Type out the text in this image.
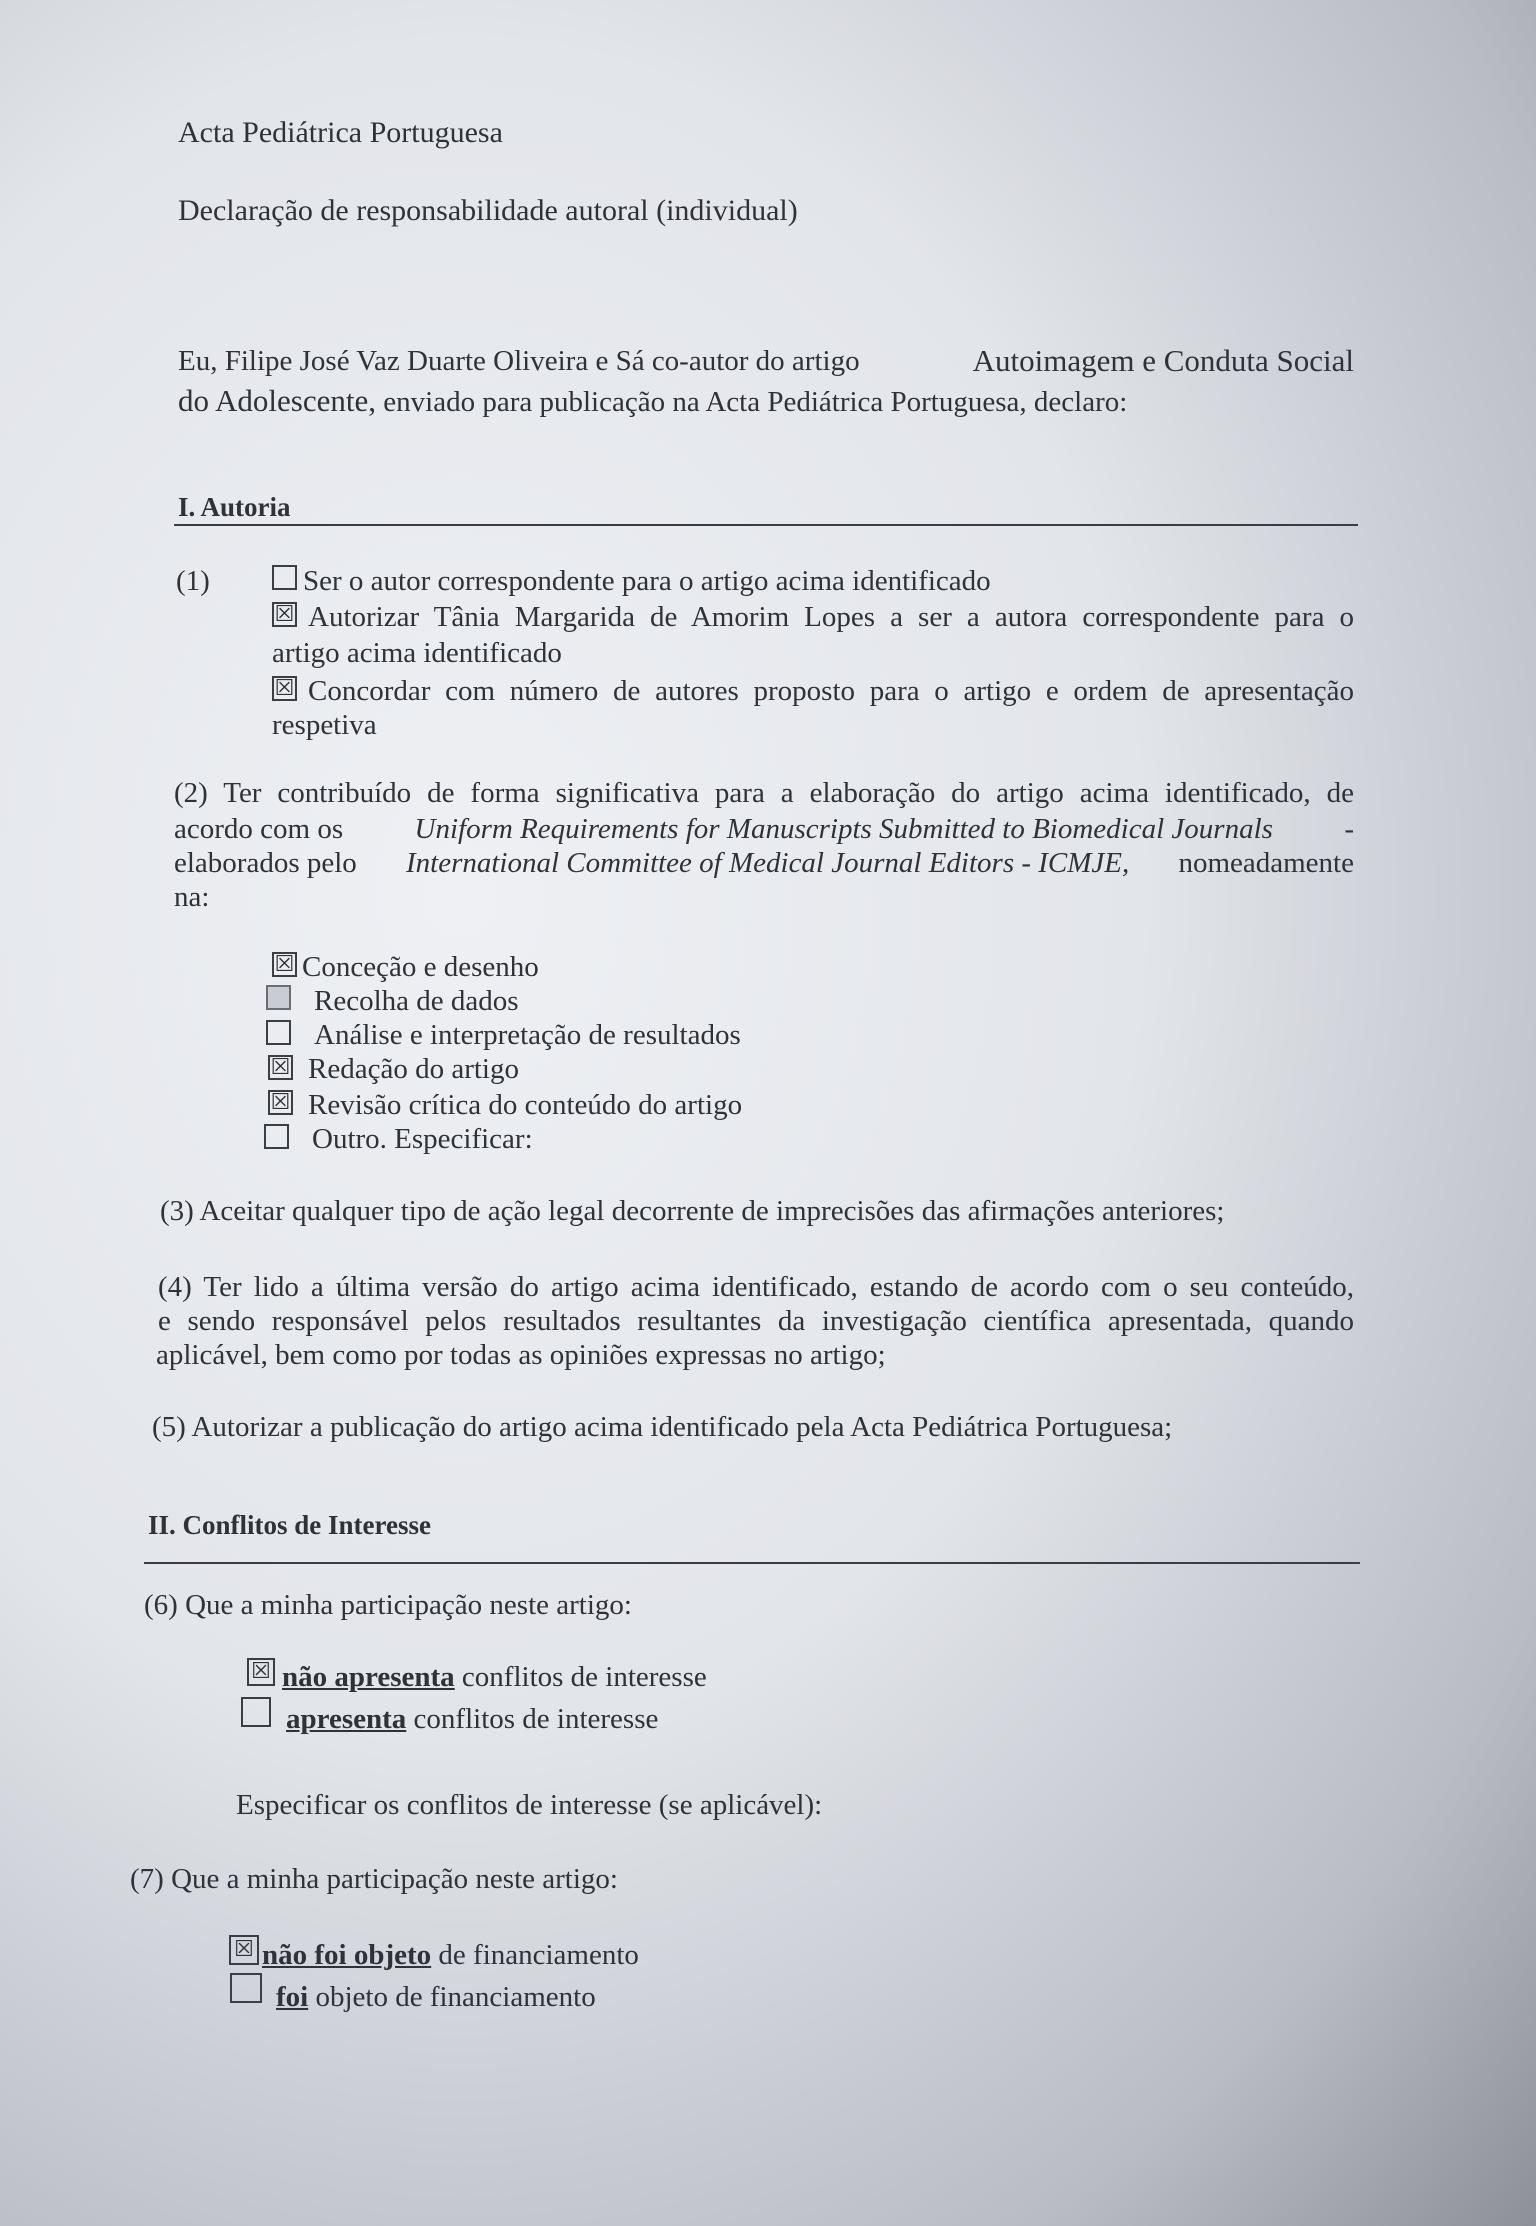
Acta Pediátrica Portuguesa
Declaração de responsabilidade autoral (individual)
Eu, Filipe José Vaz Duarte Oliveira e Sá co-autor do artigo	Autoimagem e Conduta Social
do Adolescente, enviado para publicação na Acta Pediátrica Portuguesa, declaro:
I. Autoria
(1)	Ser o autor correspondente para o artigo acima identificado
☒ Autorizar Tânia Margarida de Amorim Lopes a ser a autora correspondente para o
artigo acima identificado
☒ Concordar com número de autores proposto para o artigo e ordem de apresentação
respetiva
(2) Ter contribuído de forma significativa para a elaboração do artigo acima identificado, de
acordo com os Uniform Requirements for Manuscripts Submitted to Biomedical Journals -
elaborados pelo International Committee of Medical Journal Editors - ICMJE, nomeadamente
na:
☒ Conceção e desenho
Recolha de dados
Análise e interpretação de resultados
☒ Redação do artigo
☒ Revisão crítica do conteúdo do artigo
Outro. Especificar:
(3) Aceitar qualquer tipo de ação legal decorrente de imprecisões das afirmações anteriores;
(4) Ter lido a última versão do artigo acima identificado, estando de acordo com o seu conteúdo,
e sendo responsável pelos resultados resultantes da investigação científica apresentada, quando
aplicável, bem como por todas as opiniões expressas no artigo;
(5) Autorizar a publicação do artigo acima identificado pela Acta Pediátrica Portuguesa;
II. Conflitos de Interesse
(6) Que a minha participação neste artigo:
☒ não apresenta conflitos de interesse
apresenta conflitos de interesse
Especificar os conflitos de interesse (se aplicável):
(7) Que a minha participação neste artigo:
☒ não foi objeto de financiamento
foi objeto de financiamento
